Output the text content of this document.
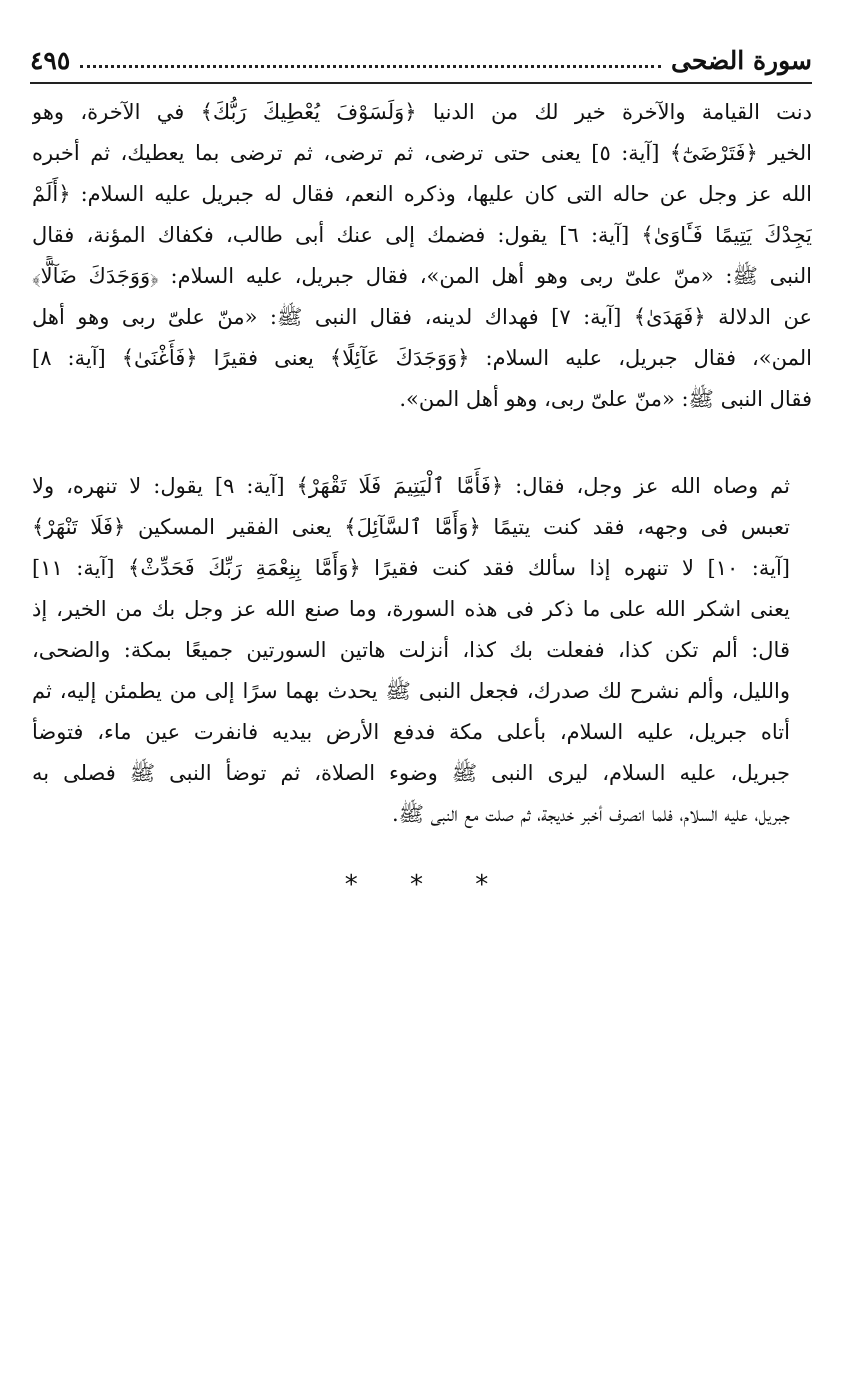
سورة الضحى
٤٩٥
دنت القيامة والآخرة خير لك من الدنيا ﴿وَلَسَوْفَ يُعْطِيكَ رَبُّكَ﴾ في الآخرة، وهو
الخير ﴿فَتَرْضَىٰٓ﴾ [آية: ٥] يعنى حتى ترضى، ثم ترضى، ثم ترضى بما يعطيك، ثم أخبره
الله عز وجل عن حاله التى كان عليها، وذكره النعم، فقال له جبريل عليه السلام: ﴿أَلَمْ
يَجِدْكَ يَتِيمًا فَـَٔاوَىٰ﴾ [آية: ٦] يقول: فضمك إلى عنك أبى طالب، فكفاك المؤنة، فقال
النبى ﷺ: «منّ علىّ ربى وهو أهل المن»، فقال جبريل، عليه السلام: ﴿وَوَجَدَكَ ضَآلًّا﴾
عن الدلالة ﴿فَهَدَىٰ﴾ [آية: ٧] فهداك لدينه، فقال النبى ﷺ: «منّ علىّ ربى وهو أهل
المن»، فقال جبريل، عليه السلام: ﴿وَوَجَدَكَ عَآئِلًا﴾ يعنى فقيرًا ﴿فَأَغْنَىٰ﴾ [آية: ٨]
فقال النبى ﷺ: «منّ علىّ ربى، وهو أهل المن».
ثم وصاه الله عز وجل، فقال: ﴿فَأَمَّا ٱلْيَتِيمَ فَلَا تَقْهَرْ﴾ [آية: ٩] يقول: لا تنهره، ولا
تعبس فى وجهه، فقد كنت يتيمًا ﴿وَأَمَّا ٱلسَّآئِلَ﴾ يعنى الفقير المسكين ﴿فَلَا تَنْهَرْ﴾
[آية: ١٠] لا تنهره إذا سألك فقد كنت فقيرًا ﴿وَأَمَّا بِنِعْمَةِ رَبِّكَ فَحَدِّثْ﴾ [آية: ١١]
يعنى اشكر الله على ما ذكر فى هذه السورة، وما صنع الله عز وجل بك من الخير، إذ
قال: ألم تكن كذا، ففعلت بك كذا، أنزلت هاتين السورتين جميعًا بمكة: والضحى،
والليل، وألم نشرح لك صدرك، فجعل النبى ﷺ يحدث بهما سرًا إلى من يطمئن إليه، ثم
أتاه جبريل، عليه السلام، بأعلى مكة فدفع الأرض بيديه فانفرت عين ماء، فتوضأ
جبريل، عليه السلام، ليرى النبى ﷺ وضوء الصلاة، ثم توضأ النبى ﷺ فصلى به
جبريل، عليه السلام، فلما انصرف أخبر خديجة، ثم صلت مع النبى ﷺ.
* * *
